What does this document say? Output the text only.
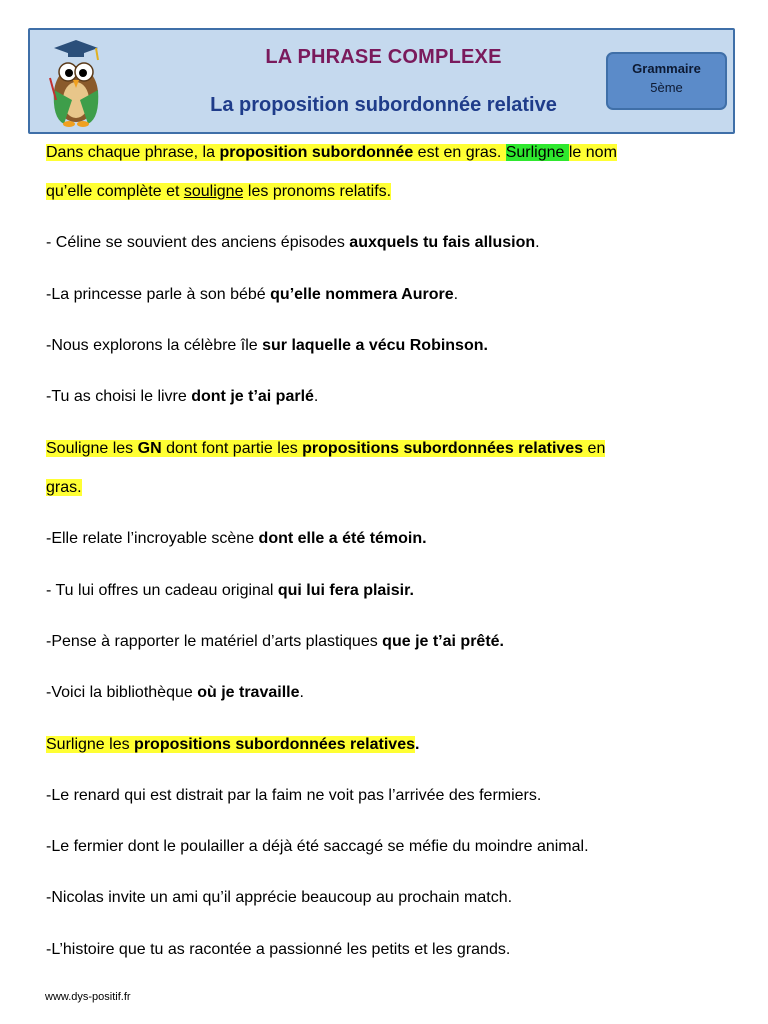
LA PHRASE COMPLEXE
La proposition subordonnée relative
Grammaire
5ème
Dans chaque phrase, la proposition subordonnée est en gras. Surligne le nom
qu’elle complète et souligne les pronoms relatifs.
- Céline se souvient des anciens épisodes auxquels tu fais allusion.
-La princesse parle à son bébé qu’elle nommera Aurore.
-Nous explorons la célèbre île sur laquelle a vécu Robinson.
-Tu as choisi le livre dont je t’ai parlé.
Souligne les GN dont font partie les propositions subordonnées relatives en
gras.
-Elle relate l’incroyable scène dont elle a été témoin.
- Tu lui offres un cadeau original qui lui fera plaisir.
-Pense à rapporter le matériel d’arts plastiques que je t’ai prêté.
-Voici la bibliothèque où je travaille.
Surligne les propositions subordonnées relatives.
-Le renard qui est distrait par la faim ne voit pas l’arrivée des fermiers.
-Le fermier dont le poulailler a déjà été saccagé se méfie du moindre animal.
-Nicolas invite un ami qu’il apprécie beaucoup au prochain match.
-L’histoire que tu as racontée a passionné les petits et les grands.
www.dys-positif.fr
